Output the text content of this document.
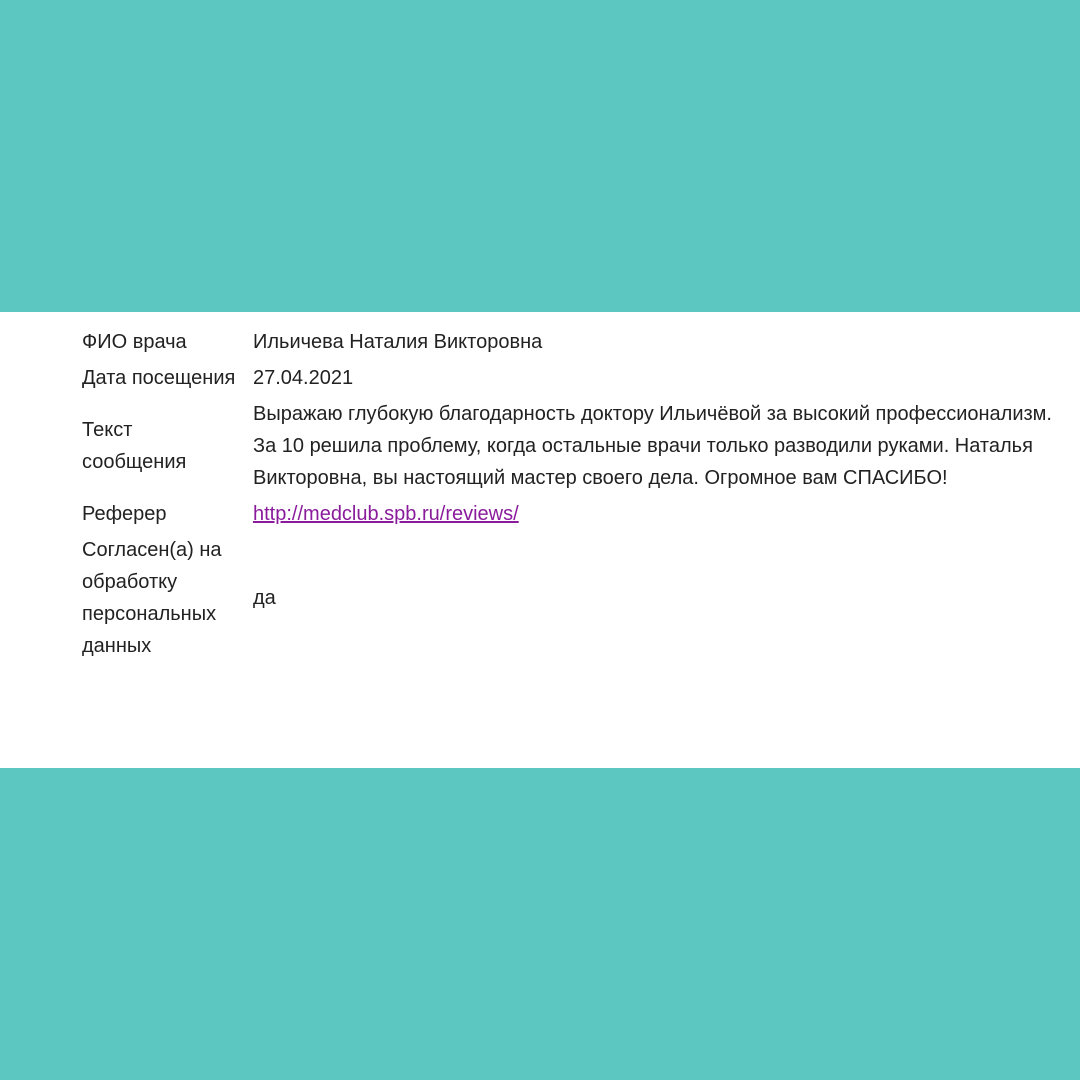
ФИО врача	Ильичева Наталия Викторовна
Дата посещения	27.04.2021
Текст сообщения	Выражаю глубокую благодарность доктору Ильичёвой за высокий профессионализм. За 10 решила проблему, когда остальные врачи только разводили руками. Наталья Викторовна, вы настоящий мастер своего дела. Огромное вам СПАСИБО!
Реферер	http://medclub.spb.ru/reviews/
Согласен(а) на обработку персональных данных	да
